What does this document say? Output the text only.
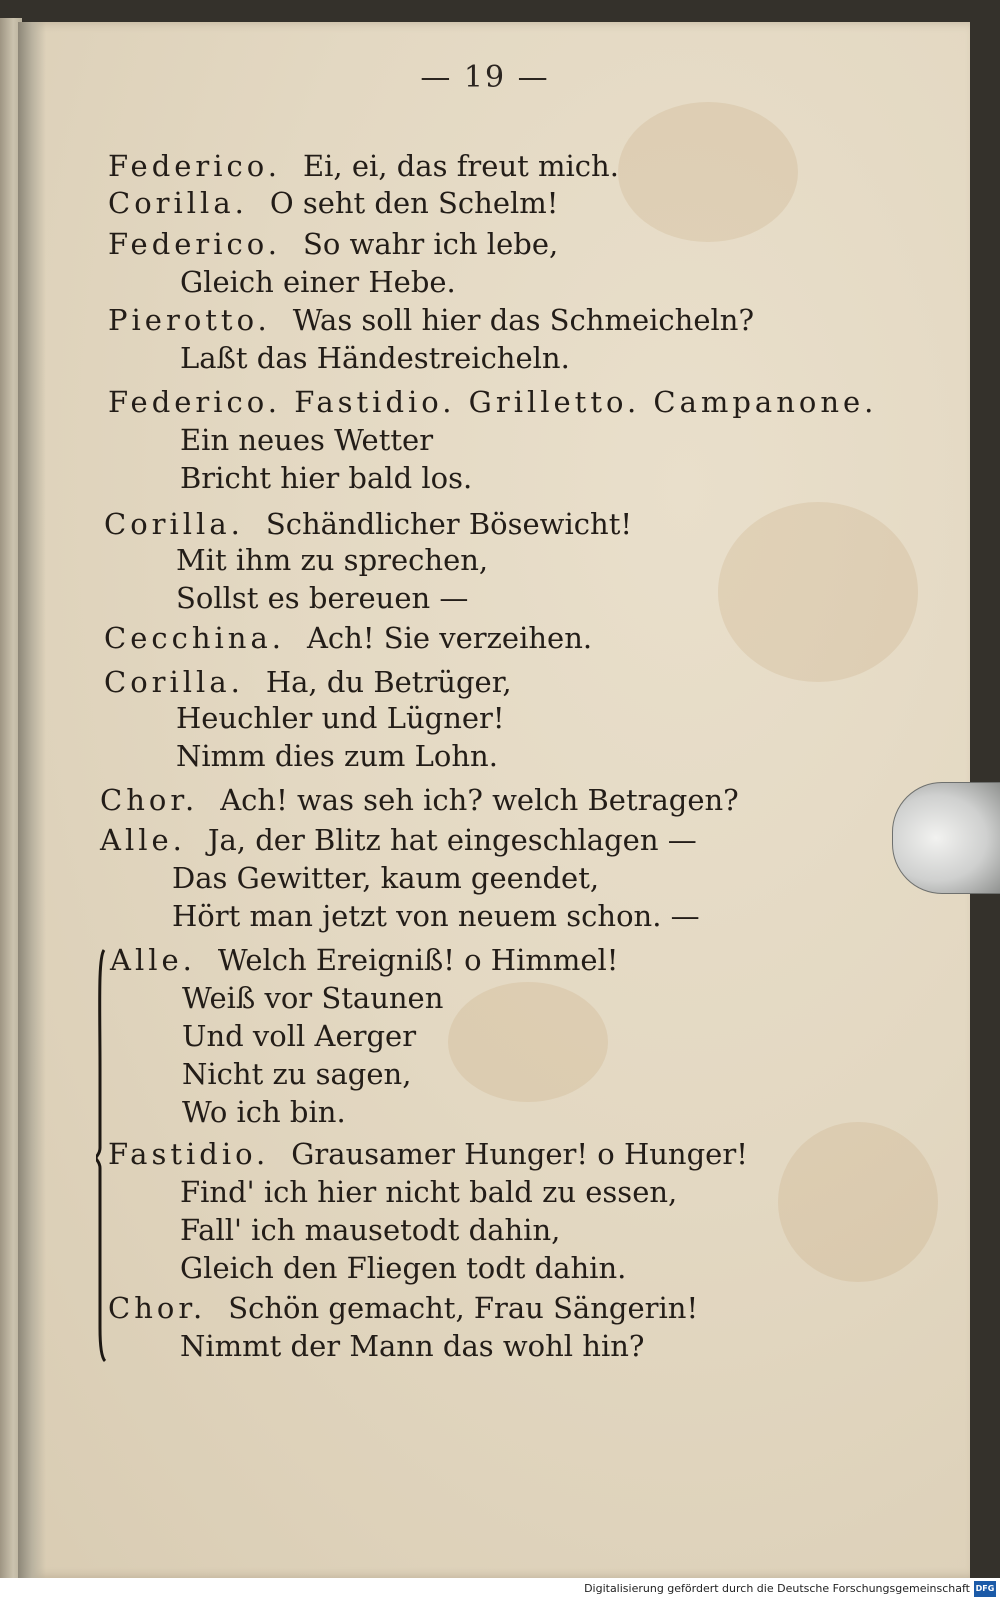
— 19 —
Federico. Ei, ei, das freut mich.
Corilla. O seht den Schelm!
Federico. So wahr ich lebe,
Gleich einer Hebe.
Pierotto. Was soll hier das Schmeicheln?
Laßt das Händestreicheln.
Federico. Fastidio. Grilletto. Campanone.
Ein neues Wetter
Bricht hier bald los.
Corilla. Schändlicher Bösewicht!
Mit ihm zu sprechen,
Sollst es bereuen —
Cecchina. Ach! Sie verzeihen.
Corilla. Ha, du Betrüger,
Heuchler und Lügner!
Nimm dies zum Lohn.
Chor. Ach! was seh ich? welch Betragen?
Alle. Ja, der Blitz hat eingeschlagen —
Das Gewitter, kaum geendet,
Hört man jetzt von neuem schon. —
Alle. Welch Ereigniß! o Himmel!
Weiß vor Staunen
Und voll Aerger
Nicht zu sagen,
Wo ich bin.
Fastidio. Grausamer Hunger! o Hunger!
Find' ich hier nicht bald zu essen,
Fall' ich mausetodt dahin,
Gleich den Fliegen todt dahin.
Chor. Schön gemacht, Frau Sängerin!
Nimmt der Mann das wohl hin?
Digitalisierung gefördert durch die Deutsche Forschungsgemeinschaft DFG
